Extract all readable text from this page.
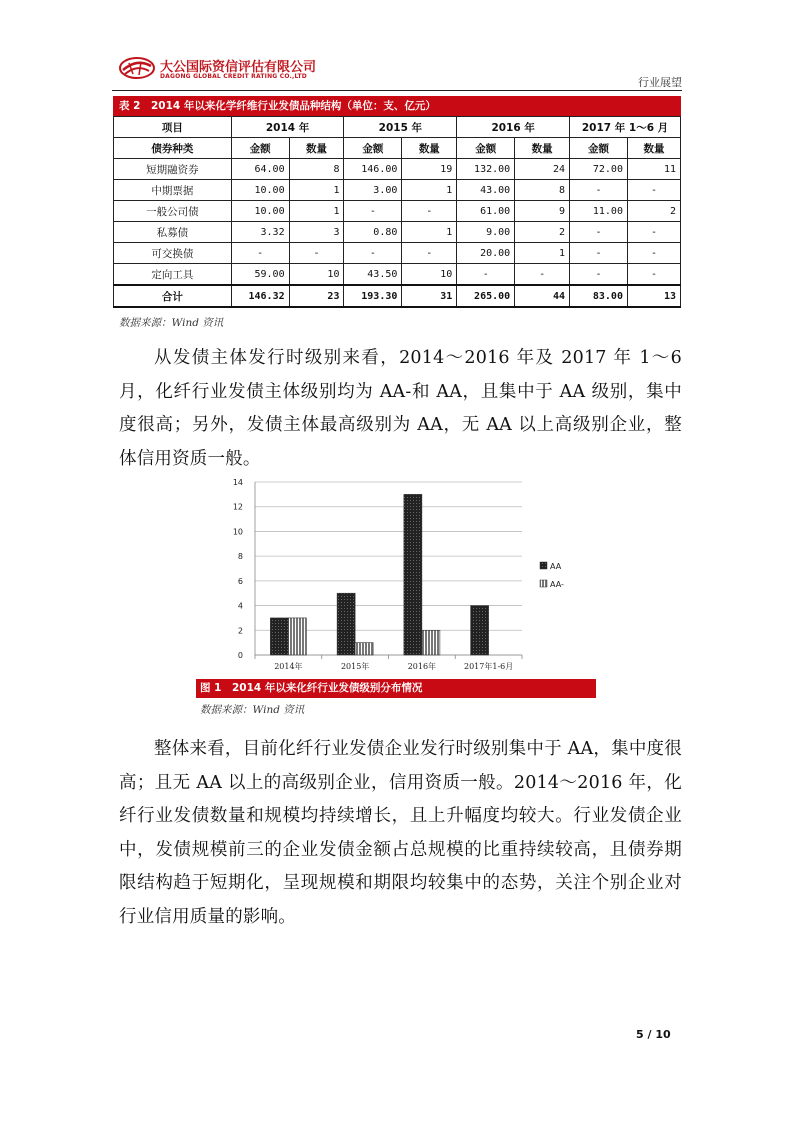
大公国际资信评估有限公司
DAGONG GLOBAL CREDIT RATING CO.,LTD	行业展望
表 2　2014 年以来化学纤维行业发债品种结构（单位：支、亿元）
项目	2014 年		2015 年		2016 年		2017 年 1～6 月	
债券种类	金额	数量	金额	数量	金额	数量	金额	数量
短期融资券	64.00	8	146.00	19	132.00	24	72.00	11
中期票据	10.00	1	3.00	1	43.00	8	-	-
一般公司债	10.00	1	-	-	61.00	9	11.00	2
私募债	3.32	3	0.80	1	9.00	2	-	-
可交换债	-	-	-	-	20.00	1	-	-
定向工具	59.00	10	43.50	10	-	-	-	-
合计	146.32	23	193.30	31	265.00	44	83.00	13
数据来源：Wind 资讯
从发债主体发行时级别来看，2014～2016 年及 2017 年 1～6 月，化纤行业发债主体级别均为 AA-和 AA，且集中于 AA 级别，集中度很高；另外，发债主体最高级别为 AA，无 AA 以上高级别企业，整体信用资质一般。
0
2
4
6
8
10
12
14
2014年	2015年	2016年	2017年1-6月
AA
AA-
图 1　2014 年以来化纤行业发债级别分布情况
数据来源：Wind 资讯
整体来看，目前化纤行业发债企业发行时级别集中于 AA，集中度很高；且无 AA 以上的高级别企业，信用资质一般。2014～2016 年，化纤行业发债数量和规模均持续增长，且上升幅度均较大。行业发债企业中，发债规模前三的企业发债金额占总规模的比重持续较高，且债券期限结构趋于短期化，呈现规模和期限均较集中的态势，关注个别企业对行业信用质量的影响。
5 / 10
